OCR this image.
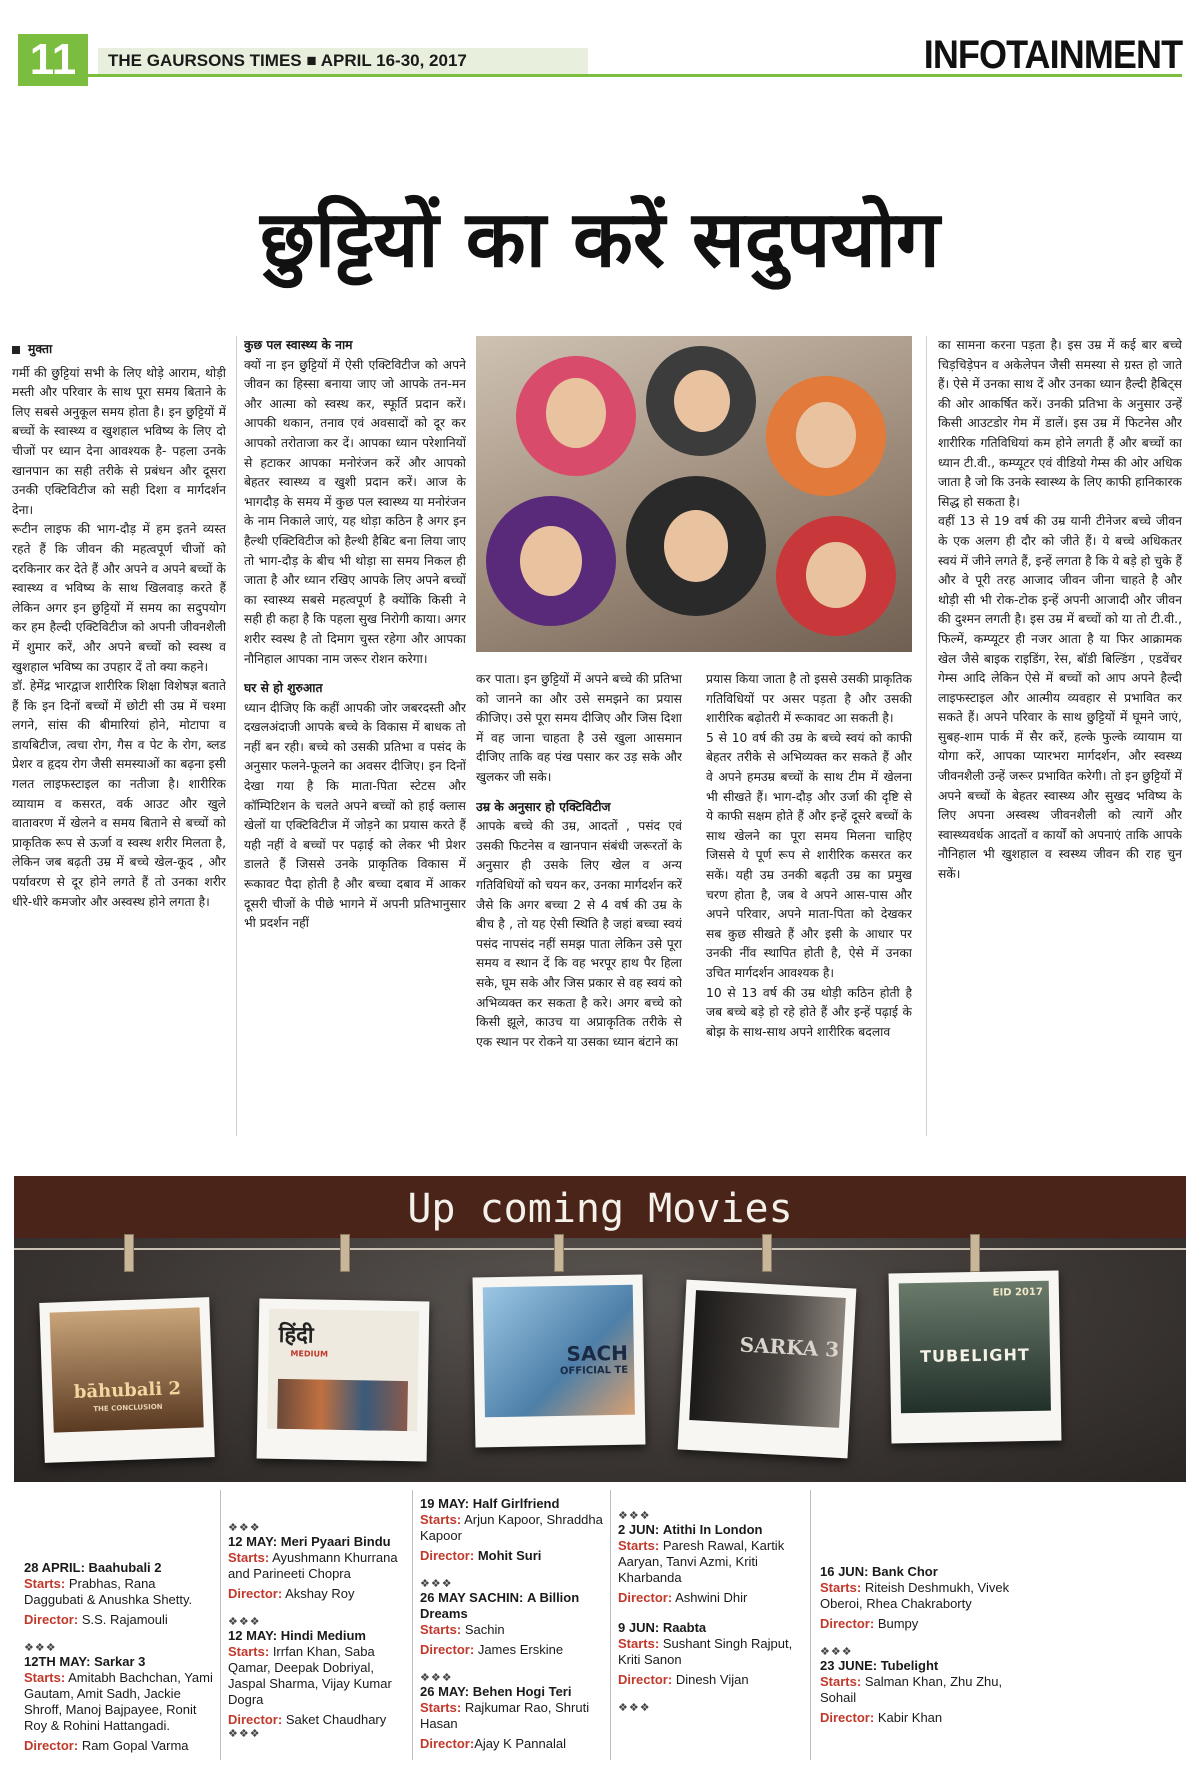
11	THE GAURSONS TIMES ■ APRIL 16-30, 2017	INFOTAINMENT
छुट्टियों का करें सदुपयोग
मुक्ता

गर्मी की छुट्टियां सभी के लिए थोड़े आराम, थोड़ी मस्ती और परिवार के साथ पूरा समय बिताने के लिए सबसे अनुकूल समय होता है। इन छुट्टियों में बच्चों के स्वास्थ्य व खुशहाल भविष्य के लिए दो चीजों पर ध्यान देना आवश्यक है- पहला उनके खानपान का सही तरीके से प्रबंधन और दूसरा उनकी एक्टिविटीज को सही दिशा व मार्गदर्शन देना।

रूटीन लाइफ की भाग-दौड़ में हम इतने व्यस्त रहते हैं कि जीवन की महत्वपूर्ण चीजों को दरकिनार कर देते हैं और अपने व अपने बच्चों के स्वास्थ्य व भविष्य के साथ खिलवाड़ करते हैं लेकिन अगर इन छुट्टियों में समय का सदुपयोग कर हम हैल्दी एक्टिविटीज को अपनी जीवनशैली में शुमार करें, और अपने बच्चों को स्वस्थ व खुशहाल भविष्य का उपहार दें तो क्या कहने।

डॉ. हेमेंद्र भारद्वाज शारीरिक शिक्षा विशेषज्ञ बताते हैं कि इन दिनों बच्चों में छोटी सी उम्र में चश्मा लगने, सांस की बीमारियां होने, मोटापा व डायबिटीज, त्वचा रोग, गैस व पेट के रोग, ब्लड प्रेशर व हृदय रोग जैसी समस्याओं का बढ़ना इसी गलत लाइफस्टाइल का नतीजा है। शारीरिक व्यायाम व कसरत, वर्क आउट और खुले वातावरण में खेलने व समय बिताने से बच्चों को प्राकृतिक रूप से ऊर्जा व स्वस्थ शरीर मिलता है, लेकिन जब बढ़ती उम्र में बच्चे खेल-कूद , और पर्यावरण से दूर होने लगते हैं तो उनका शरीर धीरे-धीरे कमजोर और अस्वस्थ होने लगता है।

कुछ पल स्वास्थ्य के नाम

क्यों ना इन छुट्टियों में ऐसी एक्टिविटीज को अपने जीवन का हिस्सा बनाया जाए जो आपके तन-मन और आत्मा को स्वस्थ कर, स्फूर्ति प्रदान करें। आपकी थकान, तनाव एवं अवसादों को दूर कर आपको तरोताजा कर दें। आपका ध्यान परेशानियों से हटाकर आपका मनोरंजन करें और आपको बेहतर स्वास्थ्य व खुशी प्रदान करें। आज के भागदौड़ के समय में कुछ पल स्वास्थ्य या मनोरंजन के नाम निकाले जाएं, यह थोड़ा कठिन है अगर इन हैल्थी एक्टिविटीज को हैल्थी हैबिट बना लिया जाए तो भाग-दौड़ के बीच भी थोड़ा सा समय निकल ही जाता है और ध्यान रखिए आपके लिए अपने बच्चों का स्वास्थ्य सबसे महत्वपूर्ण है क्योंकि किसी ने सही ही कहा है कि पहला सुख निरोगी काया। अगर शरीर स्वस्थ है तो दिमाग चुस्त रहेगा और आपका नौनिहाल आपका नाम जरूर रोशन करेगा।

घर से हो शुरुआत

ध्यान दीजिए कि कहीं आपकी जोर जबरदस्ती और दखलअंदाजी आपके बच्चे के विकास में बाधक तो नहीं बन रही। बच्चे को उसकी प्रतिभा व पसंद के अनुसार फलने-फूलने का अवसर दीजिए। इन दिनों देखा गया है कि माता-पिता स्टेटस और कॉम्पिटिशन के चलते अपने बच्चों को हाई क्लास खेलों या एक्टिविटीज में जोड़ने का प्रयास करते हैं यही नहीं वे बच्चों पर पढ़ाई को लेकर भी प्रेशर डालते हैं जिससे उनके प्राकृतिक विकास में रूकावट पैदा होती है और बच्चा दबाव में आकर दूसरी चीजों के पीछे भागने में अपनी प्रतिभानुसार भी प्रदर्शन नहीं

कर पाता। इन छुट्टियों में अपने बच्चे की प्रतिभा को जानने का और उसे समझने का प्रयास कीजिए। उसे पूरा समय दीजिए और जिस दिशा में वह जाना चाहता है उसे खुला आसमान दीजिए ताकि वह पंख पसार कर उड़ सके और खुलकर जी सके।

उम्र के अनुसार हो एक्टिविटीज

आपके बच्चे की उम्र, आदतों , पसंद एवं उसकी फिटनेस व खानपान संबंधी जरूरतों के अनुसार ही उसके लिए खेल व अन्य गतिविधियों को चयन कर, उनका मार्गदर्शन करें जैसे कि अगर बच्चा 2 से 4 वर्ष की उम्र के बीच है , तो यह ऐसी स्थिति है जहां बच्चा स्वयं पसंद नापसंद नहीं समझ पाता लेकिन उसे पूरा समय व स्थान दें कि वह भरपूर हाथ पैर हिला सके, घूम सके और जिस प्रकार से वह स्वयं को अभिव्यक्त कर सकता है करे। अगर बच्चे को किसी झूले, काउच या अप्राकृतिक तरीके से एक स्थान पर रोकने या उसका ध्यान बंटाने का

प्रयास किया जाता है तो इससे उसकी प्राकृतिक गतिविधियों पर असर पड़ता है और उसकी शारीरिक बढ़ोतरी में रूकावट आ सकती है।

5 से 10 वर्ष की उम्र के बच्चे स्वयं को काफी बेहतर तरीके से अभिव्यक्त कर सकते हैं और वे अपने हमउम्र बच्चों के साथ टीम में खेलना भी सीखते हैं। भाग-दौड़ और उर्जा की दृष्टि से ये काफी सक्षम होते हैं और इन्हें दूसरे बच्चों के साथ खेलने का पूरा समय मिलना चाहिए जिससे ये पूर्ण रूप से शारीरिक कसरत कर सकें। यही उम्र उनकी बढ़ती उम्र का प्रमुख चरण होता है, जब वे अपने आस-पास और अपने परिवार, अपने माता-पिता को देखकर सब कुछ सीखते हैं और इसी के आधार पर उनकी नींव स्थापित होती है, ऐसे में उनका उचित मार्गदर्शन आवश्यक है।

10 से 13 वर्ष की उम्र थोड़ी कठिन होती है जब बच्चे बड़े हो रहे होते हैं और इन्हें पढ़ाई के बोझ के साथ-साथ अपने शारीरिक बदलाव

का सामना करना पड़ता है। इस उम्र में कई बार बच्चे चिड़चिड़ेपन व अकेलेपन जैसी समस्या से ग्रस्त हो जाते हैं। ऐसे में उनका साथ दें और उनका ध्यान हैल्दी हैबिट्स की ओर आकर्षित करें। उनकी प्रतिभा के अनुसार उन्हें किसी आउटडोर गेम में डालें। इस उम्र में फिटनेस और शारीरिक गतिविधियां कम होने लगती हैं और बच्चों का ध्यान टी.वी., कम्प्यूटर एवं वीडियो गेम्स की ओर अधिक जाता है जो कि उनके स्वास्थ्य के लिए काफी हानिकारक सिद्ध हो सकता है।

वहीं 13 से 19 वर्ष की उम्र यानी टीनेजर बच्चे जीवन के एक अलग ही दौर को जीते हैं। ये बच्चे अधिकतर स्वयं में जीने लगते हैं, इन्हें लगता है कि ये बड़े हो चुके हैं और वे पूरी तरह आजाद जीवन जीना चाहते है और थोड़ी सी भी रोक-टोक इन्हें अपनी आजादी और जीवन की दुश्मन लगती है। इस उम्र में बच्चों को या तो टी.वी., फिल्में, कम्प्यूटर ही नजर आता है या फिर आक्रामक खेल जैसे बाइक राइडिंग, रेस, बॉडी बिल्डिंग , एडवेंचर गेम्स आदि लेकिन ऐसे में बच्चों को आप अपने हैल्दी लाइफस्टाइल और आत्मीय व्यवहार से प्रभावित कर सकते हैं। अपने परिवार के साथ छुट्टियों में घूमने जाएं, सुबह-शाम पार्क में सैर करें, हल्के फुल्के व्यायाम या योगा करें, आपका प्यारभरा मार्गदर्शन, और स्वस्थ्य जीवनशैली उन्हें जरूर प्रभावित करेगी। तो इन छुट्टियों में अपने बच्चों के बेहतर स्वास्थ्य और सुखद भविष्य के लिए अपना अस्वस्थ जीवनशैली को त्यागें और स्वास्थ्यवर्धक आदतों व कार्यों को अपनाएं ताकि आपके नौनिहाल भी खुशहाल व स्वस्थ्य जीवन की राह चुन सकें।

Up coming Movies
bāhubali 2
THE CONCLUSION
हिंदी
MEDIUM	SACH
OFFICIAL TE
SARKA 3
EID 2017
TUBELIGHT
28 APRIL: Baahubali 2
Starts: Prabhas, Rana Daggubati & Anushka Shetty.
Director: S.S. Rajamouli
❖❖❖
12TH MAY: Sarkar 3
Starts: Amitabh Bachchan, Yami Gautam, Amit Sadh, Jackie Shroff, Manoj Bajpayee, Ronit Roy & Rohini Hattangadi.
Director: Ram Gopal Varma
❖❖❖
12 MAY: Meri Pyaari Bindu
Starts: Ayushmann Khurrana and Parineeti Chopra
Director: Akshay Roy
❖❖❖
12 MAY: Hindi Medium
Starts: Irrfan Khan, Saba Qamar, Deepak Dobriyal, Jaspal Sharma, Vijay Kumar Dogra
Director: Saket Chaudhary
❖❖❖
19 MAY: Half Girlfriend
Starts: Arjun Kapoor, Shraddha Kapoor
Director: Mohit Suri
❖❖❖
26 MAY SACHIN: A Billion Dreams
Starts: Sachin
Director: James Erskine
❖❖❖
26 MAY: Behen Hogi Teri
Starts: Rajkumar Rao, Shruti Hasan
Director:Ajay K Pannalal
❖❖❖
2 JUN: Atithi In London
Starts: Paresh Rawal, Kartik Aaryan, Tanvi Azmi, Kriti Kharbanda
Director: Ashwini Dhir
9 JUN: Raabta
Starts: Sushant Singh Rajput, Kriti Sanon
Director: Dinesh Vijan
❖❖❖
16 JUN: Bank Chor
Starts: Riteish Deshmukh, Vivek Oberoi, Rhea Chakraborty
Director: Bumpy
❖❖❖
23 JUNE: Tubelight
Starts: Salman Khan, Zhu Zhu, Sohail
Director: Kabir Khan
